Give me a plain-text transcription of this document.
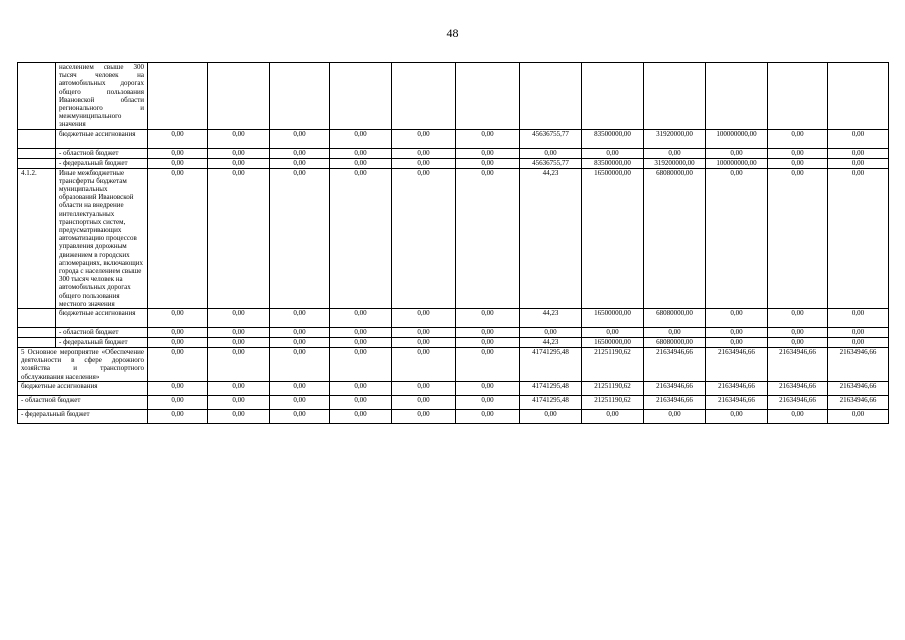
48
	населением свыше 300 тысяч человек на автомобильных дорогах общего пользования Ивановской области регионального и межмуниципального значения												
	бюджетные ассигнования	0,00	0,00	0,00	0,00	0,00	0,00	45636755,77	83500000,00	31920000,00	100000000,00	0,00	0,00
	- областной бюджет	0,00	0,00	0,00	0,00	0,00	0,00	0,00	0,00	0,00	0,00	0,00	0,00
	- федеральный бюджет	0,00	0,00	0,00	0,00	0,00	0,00	45636755,77	83500000,00	319200000,00	100000000,00	0,00	0,00
4.1.2.	Иные межбюджетные трансферты бюджетам муниципальных образований Ивановской области на внедрение интеллектуальных транспортных систем, предусматривающих автоматизацию процессов управления дорожным движением в городских агломерациях, включающих города с населением свыше 300 тысяч человек на автомобильных дорогах общего пользования местного значения	0,00	0,00	0,00	0,00	0,00	0,00	44,23	16500000,00	68080000,00	0,00	0,00	0,00
	бюджетные ассигнования	0,00	0,00	0,00	0,00	0,00	0,00	44,23	16500000,00	68080000,00	0,00	0,00	0,00
	- областной бюджет	0,00	0,00	0,00	0,00	0,00	0,00	0,00	0,00	0,00	0,00	0,00	0,00
	- федеральный бюджет	0,00	0,00	0,00	0,00	0,00	0,00	44,23	16500000,00	68080000,00	0,00	0,00	0,00
5 Основное мероприятие «Обеспечение деятельности в сфере дорожного хозяйства и транспортного обслуживания населения»		0,00	0,00	0,00	0,00	0,00	0,00	41741295,48	21251190,62	21634946,66	21634946,66	21634946,66	21634946,66
бюджетные ассигнования		0,00	0,00	0,00	0,00	0,00	0,00	41741295,48	21251190,62	21634946,66	21634946,66	21634946,66	21634946,66
- областной бюджет		0,00	0,00	0,00	0,00	0,00	0,00	41741295,48	21251190,62	21634946,66	21634946,66	21634946,66	21634946,66
- федеральный бюджет		0,00	0,00	0,00	0,00	0,00	0,00	0,00	0,00	0,00	0,00	0,00	0,00
